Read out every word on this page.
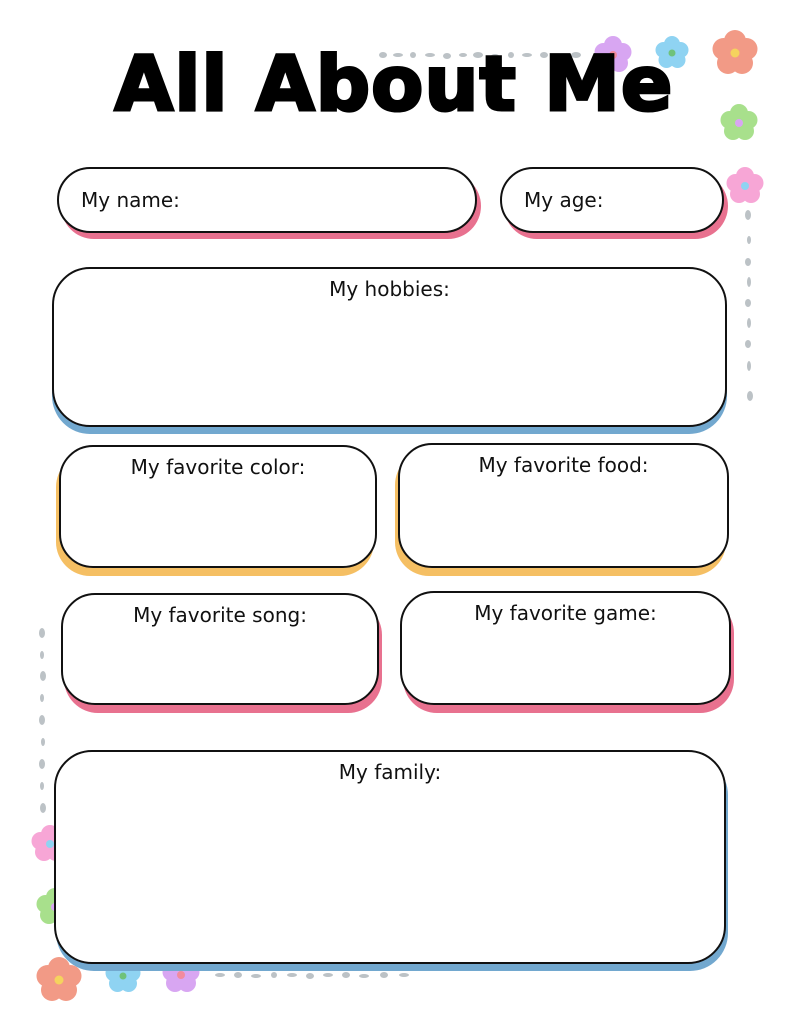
All About Me
My name:	My age:
My hobbies:
My favorite color:	My favorite food:
My favorite song:	My favorite game:
My family:
